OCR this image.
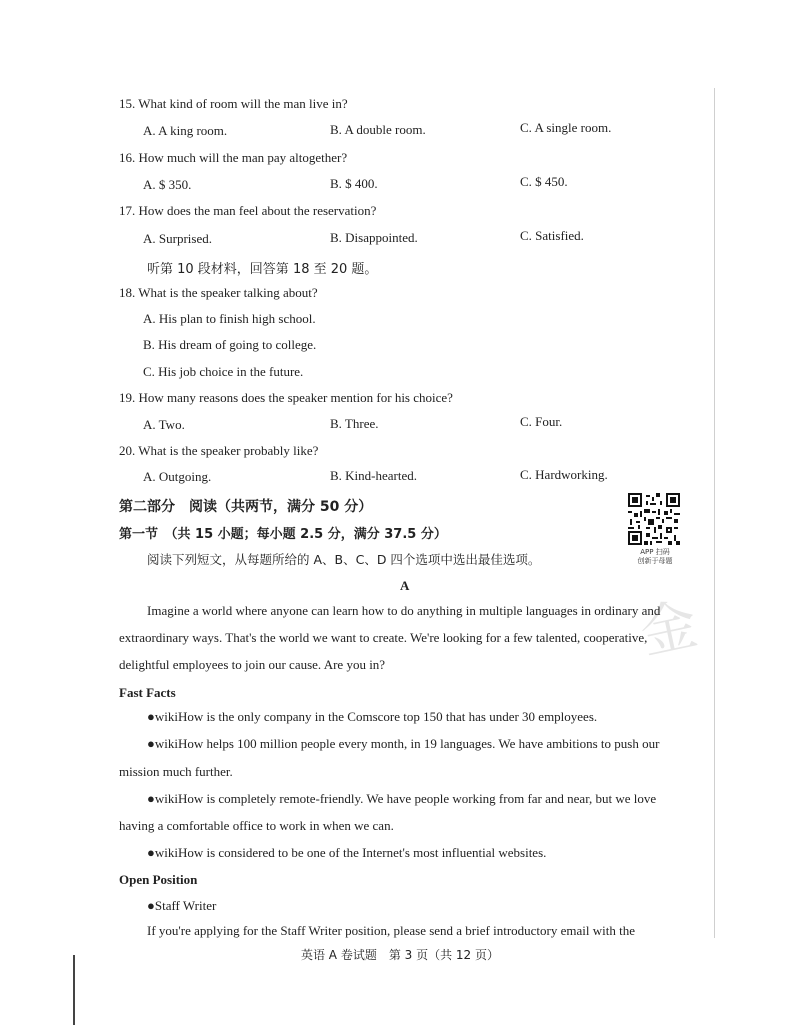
15. What kind of room will the man live in?
A. A king room.	B. A double room.	C. A single room.
16. How much will the man pay altogether?
A. $ 350.	B. $ 400.	C. $ 450.
17. How does the man feel about the reservation?
A. Surprised.	B. Disappointed.	C. Satisfied.
听第 10 段材料，回答第 18 至 20 题。
18. What is the speaker talking about?
A. His plan to finish high school.
B. His dream of going to college.
C. His job choice in the future.
19. How many reasons does the speaker mention for his choice?
A. Two.	B. Three.	C. Four.
20. What is the speaker probably like?
A. Outgoing.	B. Kind-hearted.	C. Hardworking.
第二部分　阅读（共两节，满分 50 分）
第一节　（共 15 小题；每小题 2.5 分，满分 37.5 分）
阅读下列短文，从每题所给的 A、B、C、D 四个选项中选出最佳选项。	APP 扫码
创新于母题
金
A
Imagine a world where anyone can learn how to do anything in multiple languages in ordinary and
extraordinary ways. That's the world we want to create. We're looking for a few talented, cooperative,
delightful employees to join our cause. Are you in?
Fast Facts
●wikiHow is the only company in the Comscore top 150 that has under 30 employees.
●wikiHow helps 100 million people every month, in 19 languages. We have ambitions to push our
mission much further.
●wikiHow is completely remote-friendly. We have people working from far and near, but we love
having a comfortable office to work in when we can.
●wikiHow is considered to be one of the Internet's most influential websites.
Open Position
●Staff Writer
If you're applying for the Staff Writer position, please send a brief introductory email with the
英语 A 卷试题　第 3 页（共 12 页）
